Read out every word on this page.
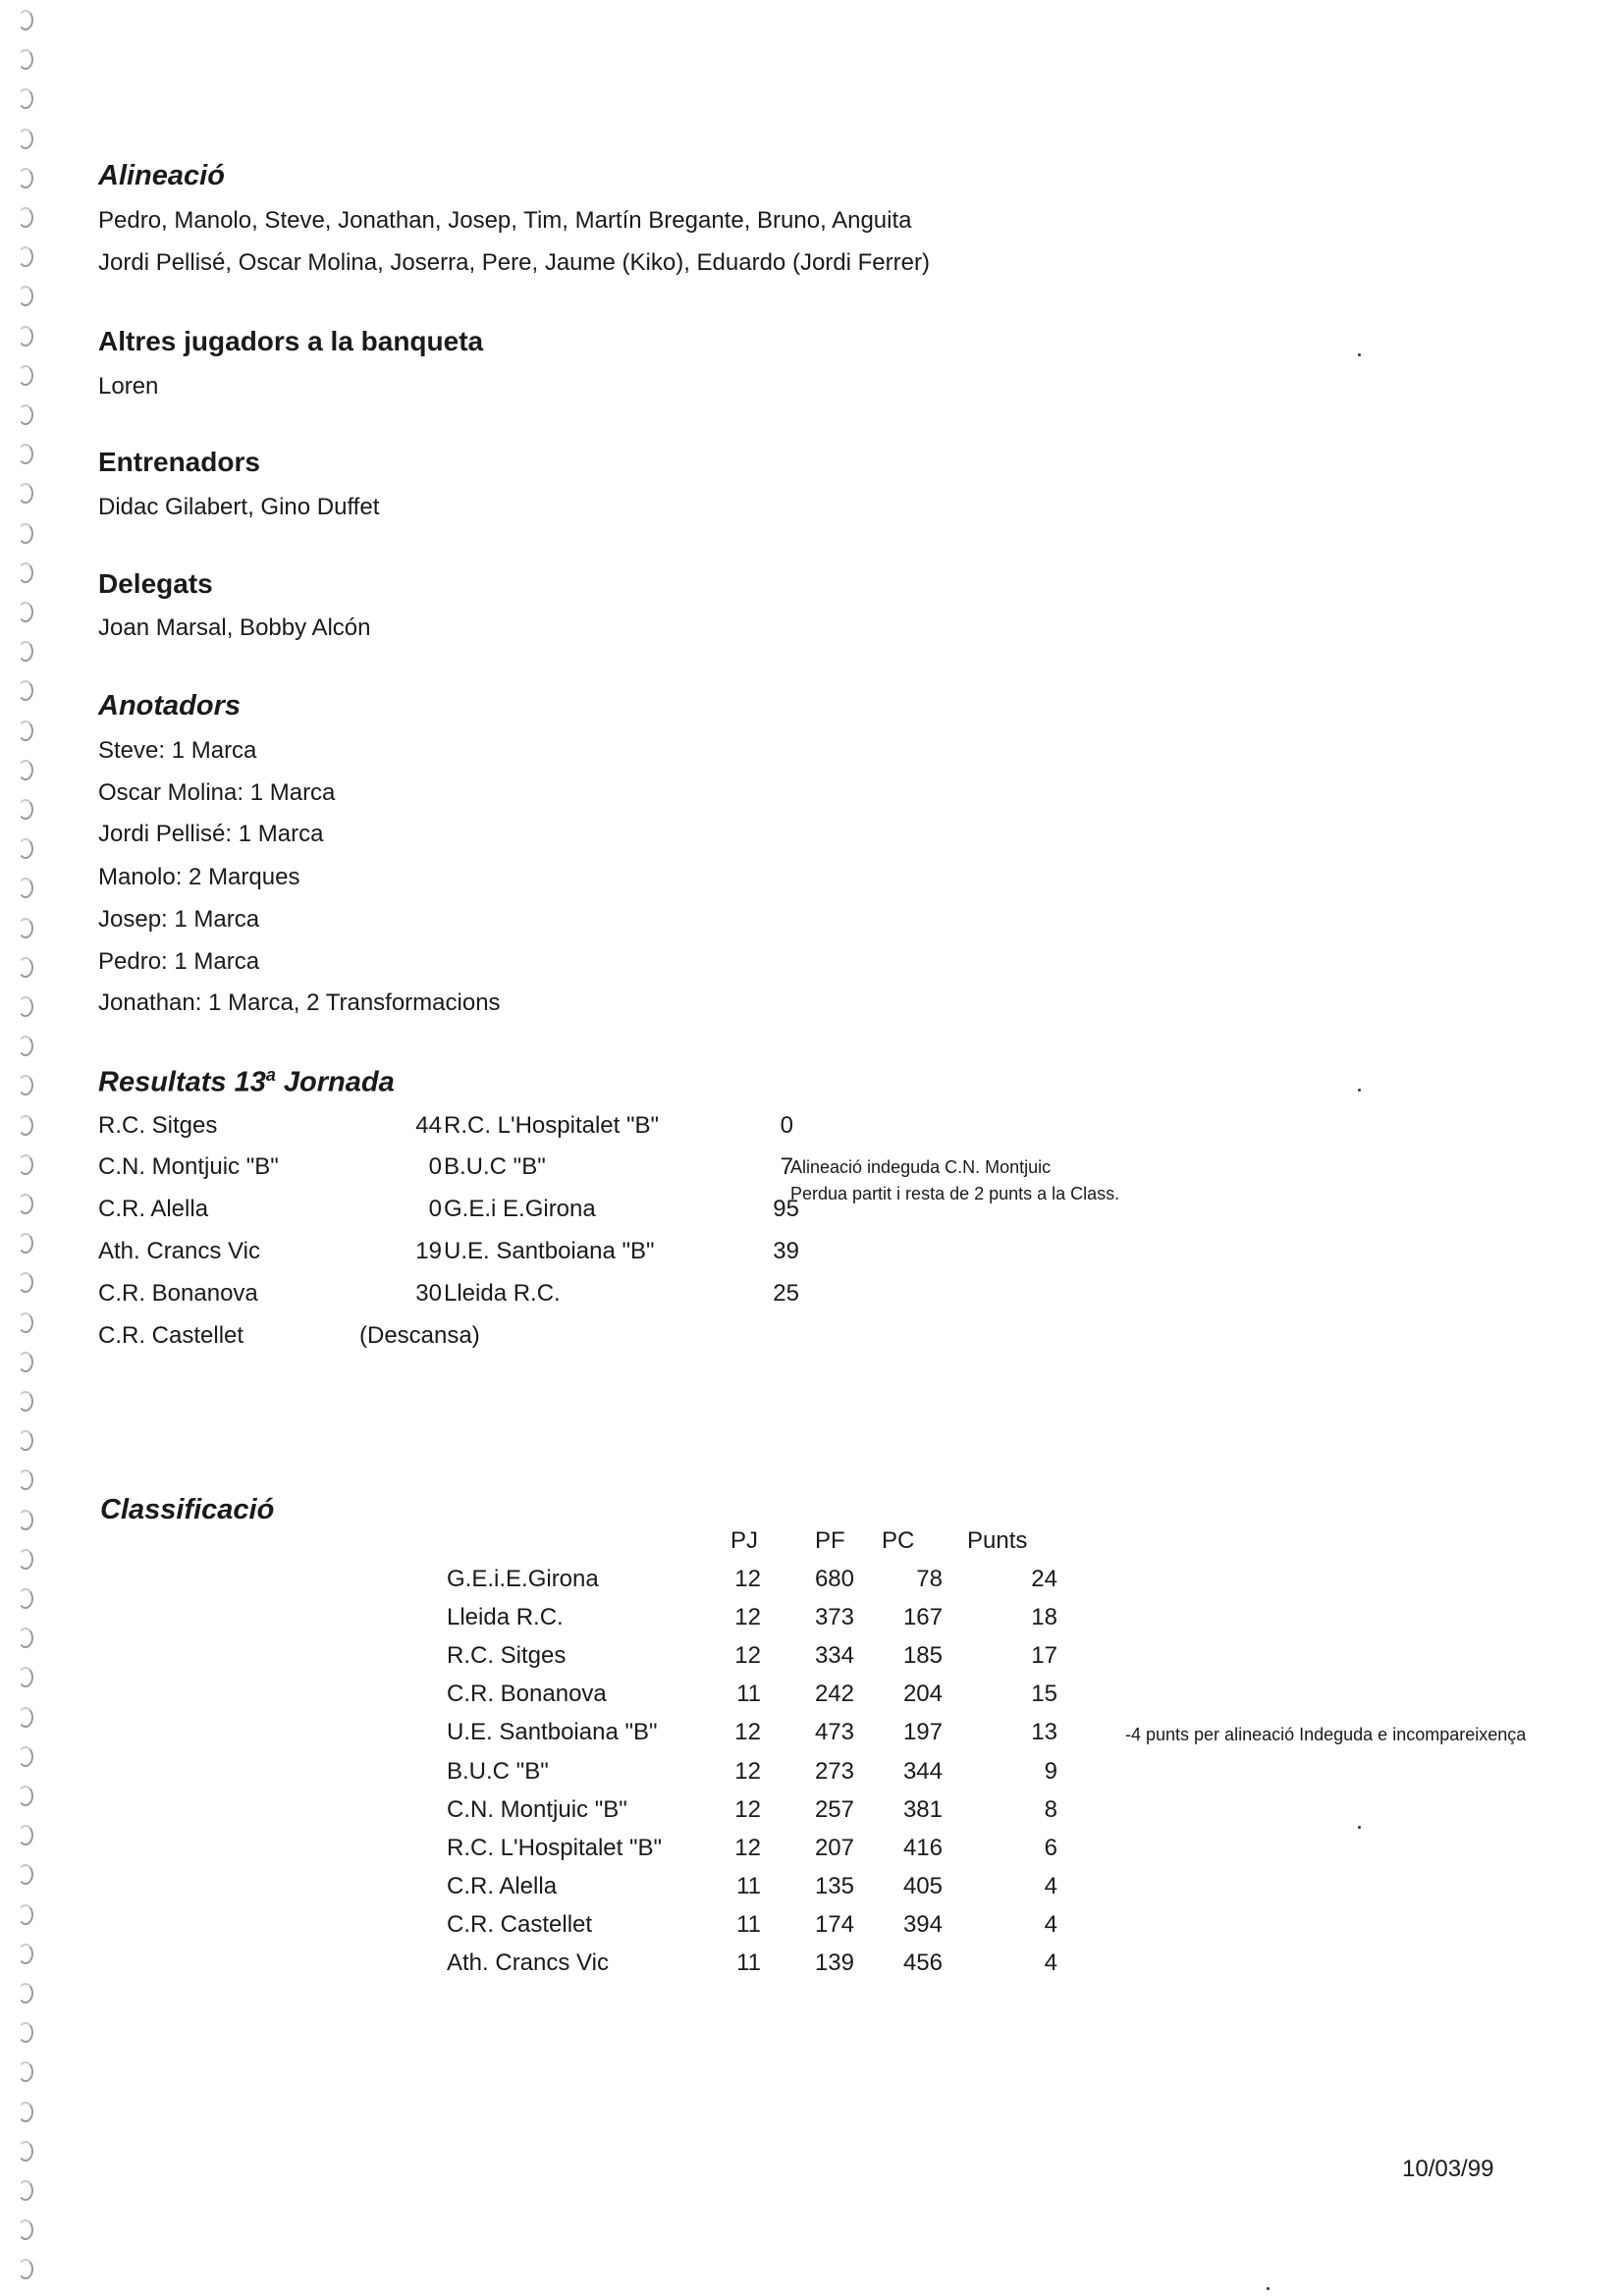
Alineació
Pedro, Manolo, Steve, Jonathan, Josep, Tim, Martín Bregante, Bruno, Anguita
Jordi Pellisé, Oscar Molina, Joserra, Pere, Jaume (Kiko), Eduardo (Jordi Ferrer)
Altres jugadors a la banqueta
Loren
Entrenadors
Didac Gilabert, Gino Duffet
Delegats
Joan Marsal, Bobby Alcón
Anotadors
Steve: 1 Marca
Oscar Molina: 1 Marca
Jordi Pellisé: 1 Marca
Manolo: 2 Marques
Josep: 1 Marca
Pedro: 1 Marca
Jonathan: 1 Marca, 2 Transformacions
Resultats 13$^a$ Jornada
R.C. Sitges	44 R.C. L'Hospitalet "B"	0
C.N. Montjuic "B"	0 B.U.C "B"	7
C.R. Alella	0 G.E.i E.Girona	95
Ath. Crancs Vic	19 U.E. Santboiana "B"	39
C.R. Bonanova	30 Lleida R.C.	25
C.R. Castellet	(Descansa)
Alineació indeguda C.N. Montjuic
Perdua partit i resta de 2 punts a la Class.
Classificació
PJ PF PC Punts
G.E.i.E.Girona	12	680	78	24
Lleida R.C.	12	373	167	18
R.C. Sitges	12	334	185	17
C.R. Bonanova	11	242	204	15
U.E. Santboiana "B"	12	473	197	13
B.U.C "B"	12	273	344	9
C.N. Montjuic "B"	12	257	381	8
R.C. L'Hospitalet "B"	12	207	416	6
C.R. Alella	11	135	405	4
C.R. Castellet	11	174	394	4
Ath. Crancs Vic	11	139	456	4
-4 punts per alineació Indeguda e incompareixença
10/03/99
